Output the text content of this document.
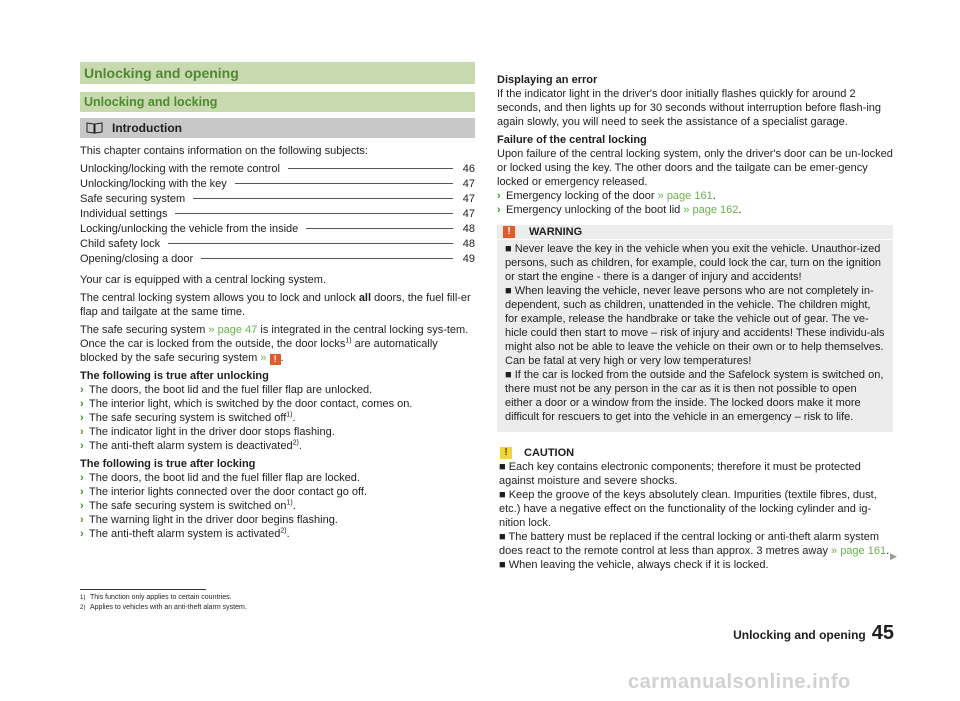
Unlocking and opening
Unlocking and locking
Introduction

This chapter contains information on the following subjects:

Unlocking/locking with the remote control	46
Unlocking/locking with the key	47
Safe securing system	47
Individual settings	47
Locking/unlocking the vehicle from the inside	48
Child safety lock	48
Opening/closing a door	49

Your car is equipped with a central locking system.

The central locking system allows you to lock and unlock all doors, the fuel fill-er flap and tailgate at the same time.

The safe securing system » page 47 is integrated in the central locking sys-tem. Once the car is locked from the outside, the door locks$^{1)}$ are automatically blocked by the safe securing system » ! .

The following is true after unlocking

› The doors, the boot lid and the fuel filler flap are unlocked.
› The interior light, which is switched by the door contact, comes on.
› The safe securing system is switched off$^{1)}$.
› The indicator light in the driver door stops flashing.
› The anti-theft alarm system is deactivated$^{2)}$.

The following is true after locking

› The doors, the boot lid and the fuel filler flap are locked.
› The interior lights connected over the door contact go off.
› The safe securing system is switched $on^{1)}$.
› The warning light in the driver door begins flashing.
› The anti-theft alarm system is activated$^{2)}$.

Displaying an error

If the indicator light in the driver's door initially flashes quickly for around 2 seconds, and then lights up for 30 seconds without interruption before flash-ing again slowly, you will need to seek the assistance of a specialist garage.

Failure of the central locking

Upon failure of the central locking system, only the driver's door can be un-locked or locked using the key. The other doors and the tailgate can be emer-gency locked or emergency released.

› Emergency locking of the door » page 161.
› Emergency unlocking of the boot lid » page 162.
!	WARNING

■ Never leave the key in the vehicle when you exit the vehicle. Unauthor-ized persons, such as children, for example, could lock the car, turn on the ignition or start the engine - there is a danger of injury and accidents!

■ When leaving the vehicle, never leave persons who are not completely in-dependent, such as children, unattended in the vehicle. The children might, for example, release the handbrake or take the vehicle out of gear. The ve-hicle could then start to move – risk of injury and accidents! These individu-als might also not be able to leave the vehicle on their own or to help themselves. Can be fatal at very high or very low temperatures!

■ If the car is locked from the outside and the Safelock system is switched on, there must not be any person in the car as it is then not possible to open either a door or a window from the inside. The locked doors make it more difficult for rescuers to get into the vehicle in an emergency – risk to life.

!	CAUTION

■ Each key contains electronic components; therefore it must be protected against moisture and severe shocks.

■ Keep the groove of the keys absolutely clean. Impurities (textile fibres, dust, etc.) have a negative effect on the functionality of the locking cylinder and ig-nition lock.

■ The battery must be replaced if the central locking or anti-theft alarm system does react to the remote control at less than approx. 3 metres away » page 161.

■ When leaving the vehicle, always check if it is locked.

▶
1) This function only applies to certain countries.
2) Applies to vehicles with an anti-theft alarm system.
Unlocking and opening 45
carmanualsonline.info
